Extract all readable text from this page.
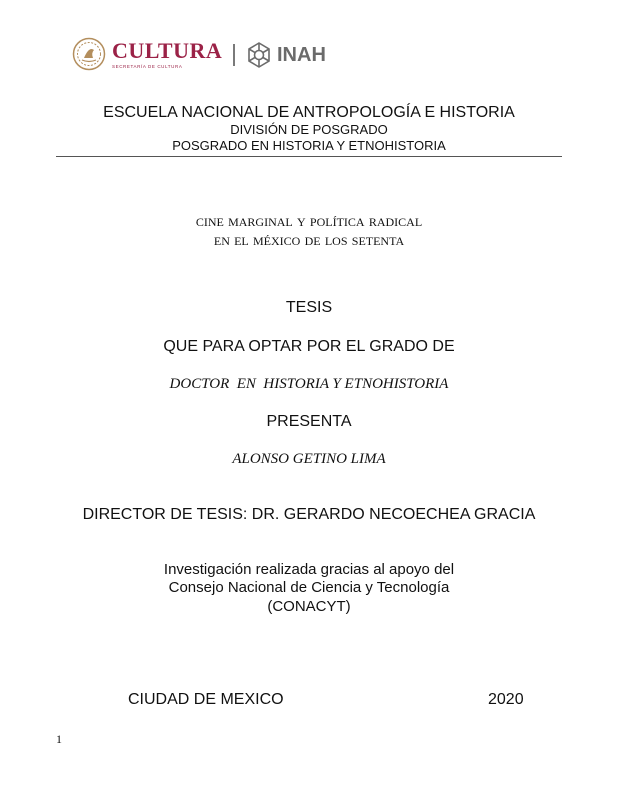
CULTURA
SECRETARÍA DE CULTURA
INAH
ESCUELA NACIONAL DE ANTROPOLOGÍA E HISTORIA
DIVISIÓN DE POSGRADO
POSGRADO EN HISTORIA Y ETNOHISTORIA
cine marginal y política radical
en el méxico de los setenta
TESIS
QUE PARA OPTAR POR EL GRADO DE
DOCTOR  EN  HISTORIA Y ETNOHISTORIA
PRESENTA
ALONSO GETINO LIMA
DIRECTOR DE TESIS: DR. GERARDO NECOECHEA GRACIA
Investigación realizada gracias al apoyo del
Consejo Nacional de Ciencia y Tecnología
(CONACYT)
CIUDAD DE MEXICO	2020
1
